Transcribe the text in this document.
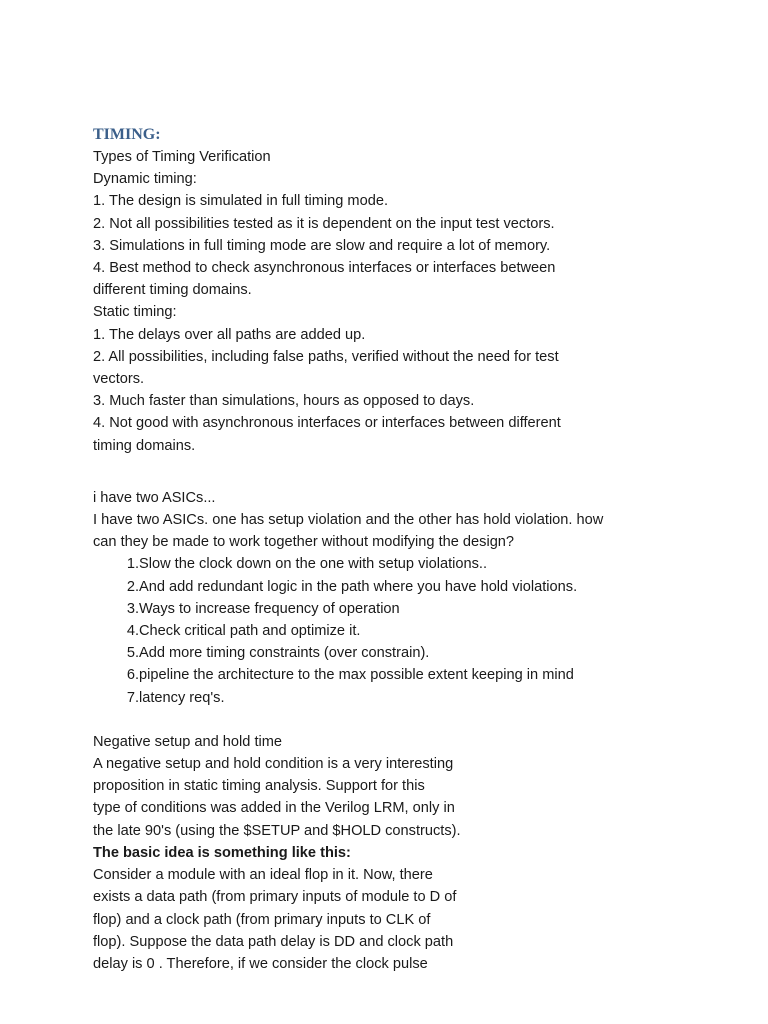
TIMING:
Types of Timing Verification
Dynamic timing:
1. The design is simulated in full timing mode.
2. Not all possibilities tested as it is dependent on the input test vectors.
3. Simulations in full timing mode are slow and require a lot of memory.
4. Best method to check asynchronous interfaces or interfaces between
different timing domains.
Static timing:
1. The delays over all paths are added up.
2. All possibilities, including false paths, verified without the need for test
vectors.
3. Much faster than simulations, hours as opposed to days.
4. Not good with asynchronous interfaces or interfaces between different
timing domains.
i have two ASICs...
I have two ASICs. one has setup violation and the other has hold violation. how
can they be made to work together without modifying the design?
1. Slow the clock down on the one with setup violations..
2. And add redundant logic in the path where you have hold violations.
3. Ways to increase frequency of operation
4. Check critical path and optimize it.
5. Add more timing constraints (over constrain).
6. pipeline the architecture to the max possible extent keeping in mind
7. latency req's.
Negative setup and hold time
A negative setup and hold condition is a very interesting
proposition in static timing analysis. Support for this
type of conditions was added in the Verilog LRM, only in
the late 90's (using the $SETUP and $HOLD constructs).
The basic idea is something like this:
Consider a module with an ideal flop in it. Now, there
exists a data path (from primary inputs of module to D of
flop) and a clock path (from primary inputs to CLK of
flop). Suppose the data path delay is DD and clock path
delay is 0 . Therefore, if we consider the clock pulse
